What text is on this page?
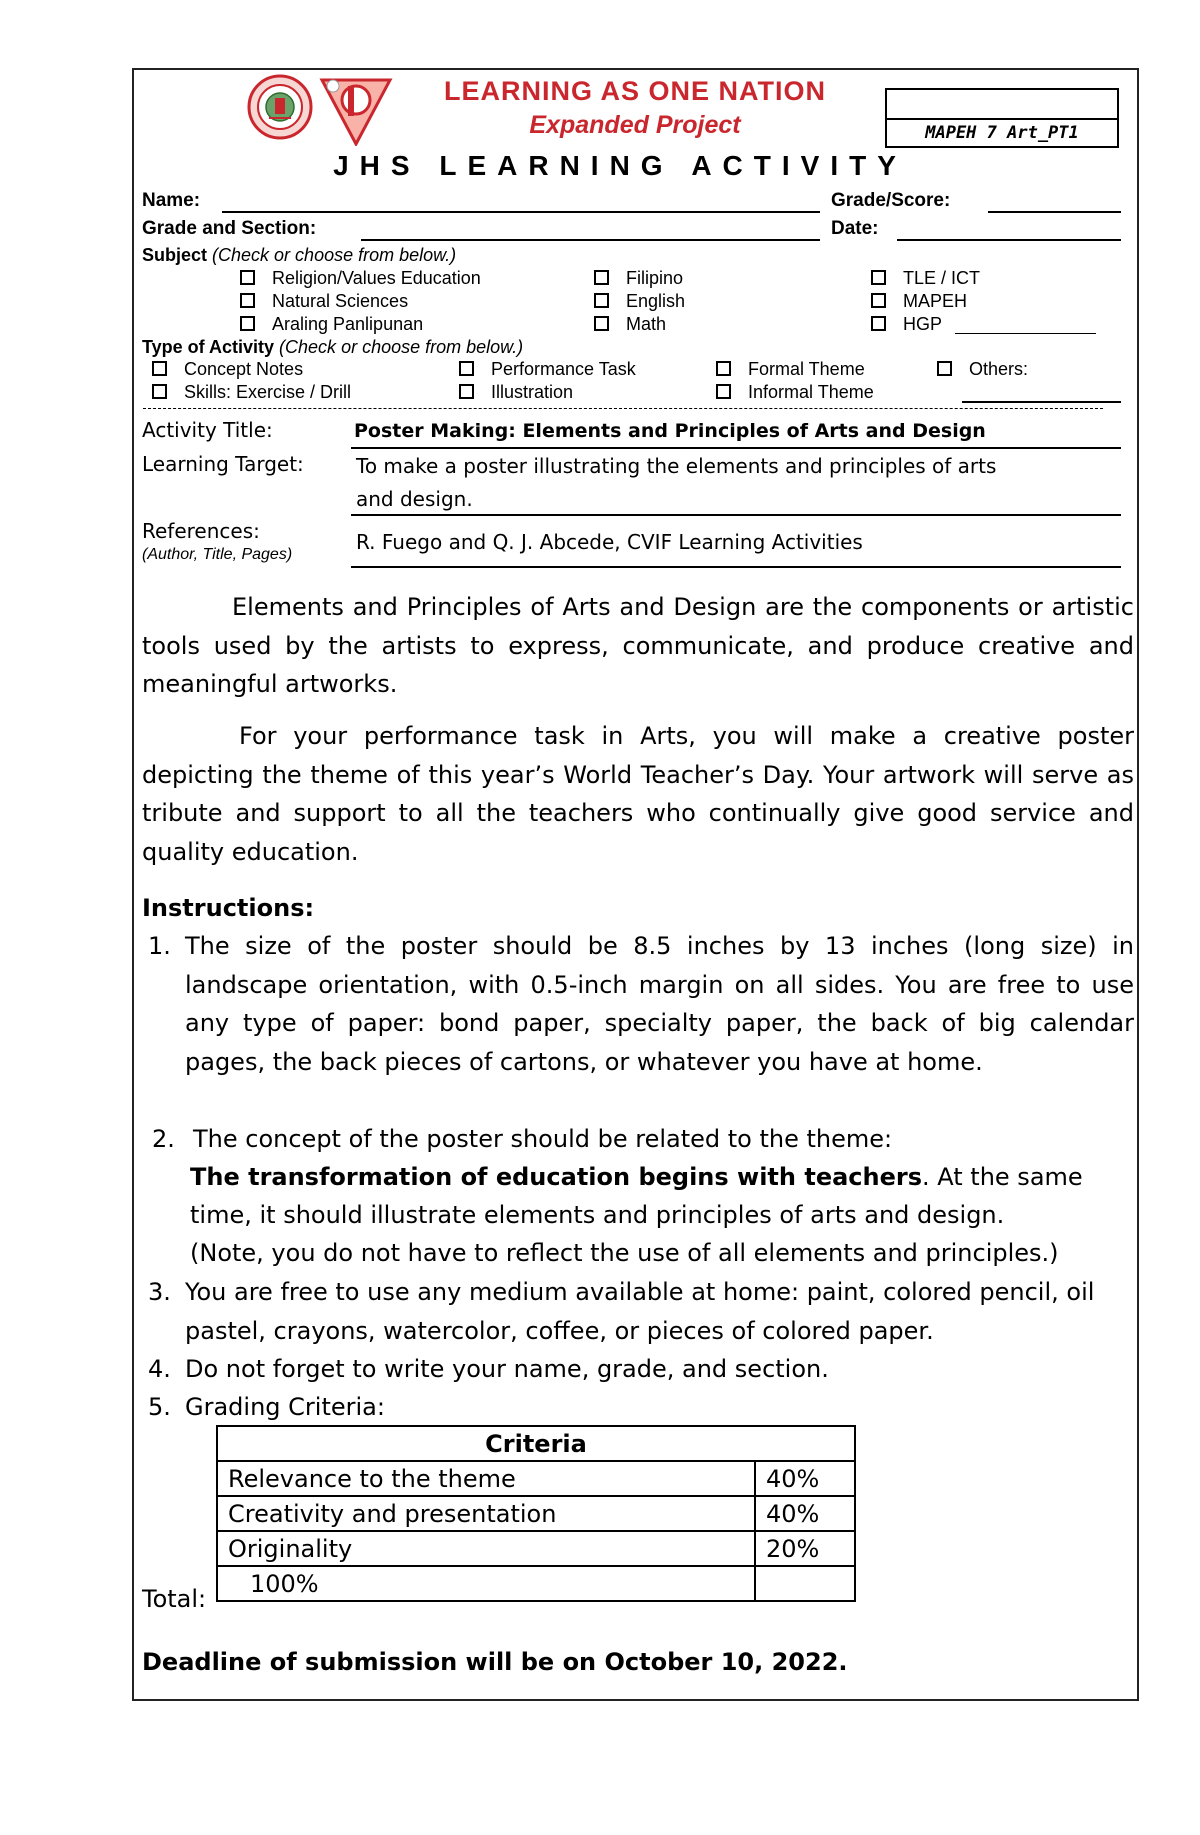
LEARNING AS ONE NATION
Expanded Project	MAPEH 7 Art_PT1
JHS LEARNING ACTIVITY
Name:	Grade/Score:
Grade and Section:	Date:
Subject (Check or choose from below.)
Religion/Values Education	Filipino	TLE / ICT
Natural Sciences	English	MAPEH
Araling Panlipunan	Math	HGP
Type of Activity (Check or choose from below.)
Concept Notes	Performance Task	Formal Theme	Others:
Skills: Exercise / Drill	Illustration	Informal Theme
Activity Title:	Poster Making: Elements and Principles of Arts and Design
Learning Target:	To make a poster illustrating the elements and principles of arts
and design.
References:
(Author, Title, Pages)
R. Fuego and Q. J. Abcede, CVIF Learning Activities
Elements and Principles of Arts and Design are the components or artistic tools used by the artists to express, communicate, and produce creative and meaningful artworks.
For your performance task in Arts, you will make a creative poster depicting the theme of this year’s World Teacher’s Day. Your artwork will serve as tribute and support to all the teachers who continually give good service and quality education.
Instructions:
1. The size of the poster should be 8.5 inches by 13 inches (long size) in landscape orientation, with 0.5-inch margin on all sides. You are free to use any type of paper: bond paper, specialty paper, the back of big calendar pages, the back pieces of cartons, or whatever you have at home.
2. The concept of the poster should be related to the theme:
The transformation of education begins with teachers. At the same
time, it should illustrate elements and principles of arts and design.
(Note, you do not have to reflect the use of all elements and principles.)
3. You are free to use any medium available at home: paint, colored pencil, oil pastel, crayons, watercolor, coffee, or pieces of colored paper.
4. Do not forget to write your name, grade, and section.
5. Grading Criteria:
Criteria	
Relevance to the theme	40%
Creativity and presentation	40%
Originality	20%
100%	
Total:
Deadline of submission will be on October 10, 2022.
